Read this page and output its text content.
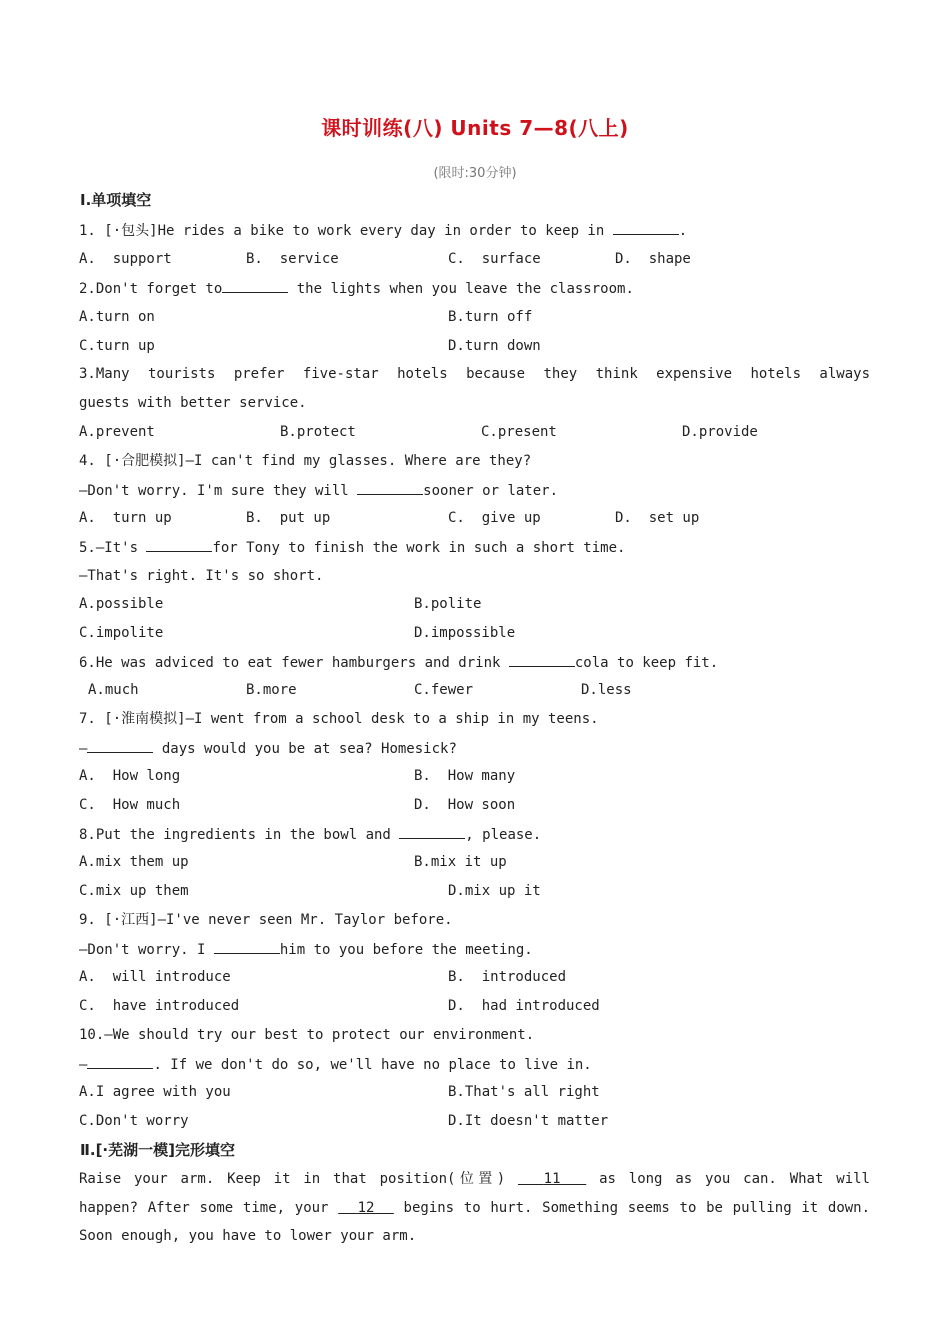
课时训练(八) Units 7—8(八上)
(限时:30分钟)
Ⅰ.单项填空
1. [·包头]He rides a bike to work every day in order to keep in	.
A.  support	B.  service	C.  surface	D.  shape
2.Don't forget to	the lights when you leave the classroom.
A.turn on	B.turn off
C.turn up	D.turn down
3.Many tourists prefer five-star hotels because they think expensive hotels always
guests with better service.
A.prevent	B.protect	C.present	D.provide
4. [·合肥模拟]—I can't find my glasses. Where are they?
—Don't worry. I'm sure they will	sooner or later.
A.  turn up	B.  put up	C.  give up	D.  set up
5.—It's	for Tony to finish the work in such a short time.
—That's right. It's so short.
A.possible	B.polite
C.impolite	D.impossible
6.He was adviced to eat fewer hamburgers and drink	cola to keep fit.
A.much	B.more	C.fewer	D.less
7. [·淮南模拟]—I went from a school desk to a ship in my teens.
—	days would you be at sea? Homesick?
A.  How long	B.  How many
C.  How much	D.  How soon
8.Put the ingredients in the bowl and	, please.
A.mix them up	B.mix it up
C.mix up them	D.mix up it
9. [·江西]—I've never seen Mr. Taylor before.
—Don't worry. I	him to you before the meeting.
A.  will introduce	B.  introduced
C.  have introduced	D.  had introduced
10.—We should try our best to protect our environment.
—	. If we don't do so, we'll have no place to live in.
A.I agree with you	B.That's all right
C.Don't worry	D.It doesn't matter
Ⅱ.[·芜湖一模]完形填空
Raise your arm. Keep it in that position(位置)	11	as long as you can. What will
happen? After some time, your 12 begins to hurt. Something seems to be pulling it down.
Soon enough, you have to lower your arm.
